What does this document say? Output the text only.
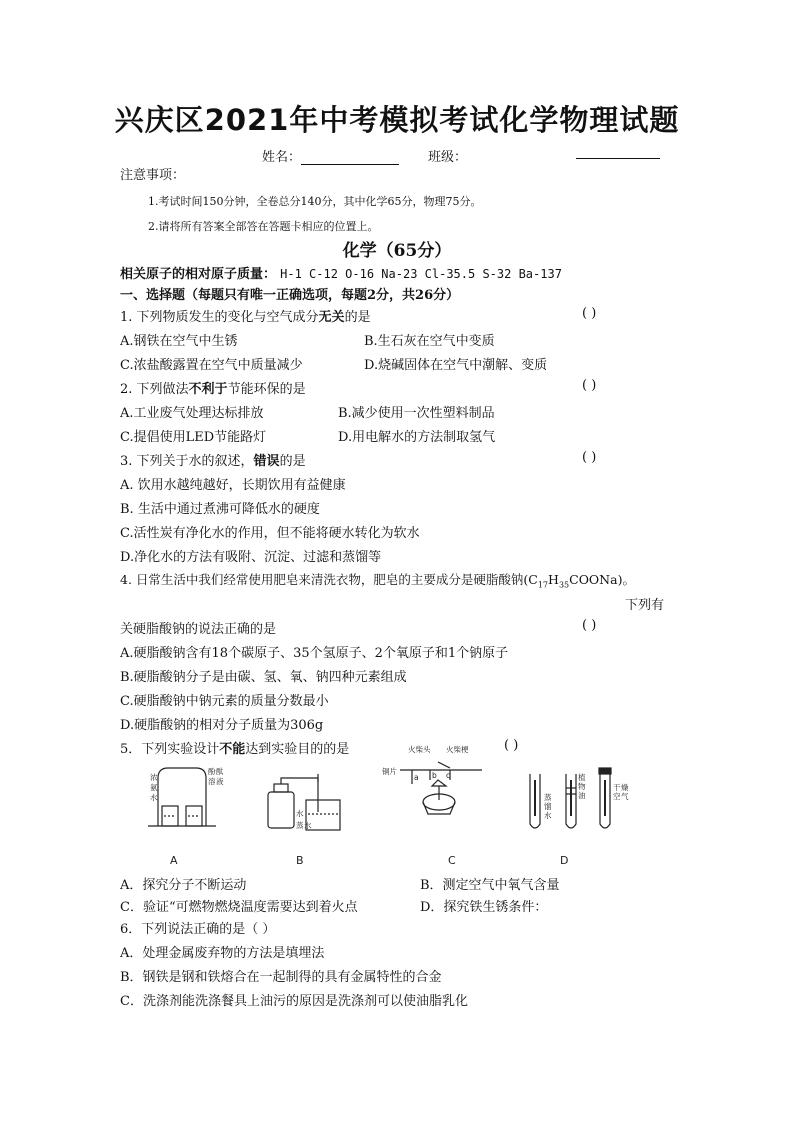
兴庆区2021年中考模拟考试化学物理试题
姓名：	班级：
注意事项：
1.考试时间150分钟，全卷总分140分，其中化学65分，物理75分。
2.请将所有答案全部答在答题卡相应的位置上。
化学（65分）
相关原子的相对原子质量： H-1 C-12 O-16 Na-23 Cl-35.5 S-32 Ba-137
一、选择题（每题只有唯一正确选项，每题2分，共26分）
1. 下列物质发生的变化与空气成分无关的是	( )
A.钢铁在空气中生锈	B.生石灰在空气中变质
C.浓盐酸露置在空气中质量减少	D.烧碱固体在空气中潮解、变质
2. 下列做法不利于节能环保的是	( )
A.工业废气处理达标排放	B.减少使用一次性塑料制品
C.提倡使用LED节能路灯	D.用电解水的方法制取氢气
3. 下列关于水的叙述，错误的是	( )
A. 饮用水越纯越好，长期饮用有益健康
B. 生活中通过煮沸可降低水的硬度
C.活性炭有净化水的作用，但不能将硬水转化为软水
D.净化水的方法有吸附、沉淀、过滤和蒸馏等
4. 日常生活中我们经常使用肥皂来清洗衣物，肥皂的主要成分是硬脂酸钠$(C_{17}H_{35}COONa)$。
下列有
关硬脂酸钠的说法正确的是	( )
A.硬脂酸钠含有18个碳原子、35个氢原子、2个氧原子和1个钠原子
B.硬脂酸钠分子是由碳、氢、氧、钠四种元素组成
C.硬脂酸钠中钠元素的质量分数最小
D.硬脂酸钠的相对分子质量为306g
5．下列实验设计不能达到实验目的的是	( )
浓
氨
水
酚 酞
溶 液
水
蒸 水
火柴头 火柴梗
铜片
a b c	植
物
油
蒸
馏
水
干 燥
空 气
A	B	C	D
A．探究分子不断运动	B．测定空气中氧气含量
C．验证“可燃物燃烧温度需要达到着火点	D．探究铁生锈条件：
6．下列说法正确的是（ ）
A．处理金属废弃物的方法是填埋法
B．钢铁是钢和铁熔合在一起制得的具有金属特性的合金
C．洗涤剂能洗涤餐具上油污的原因是洗涤剂可以使油脂乳化
